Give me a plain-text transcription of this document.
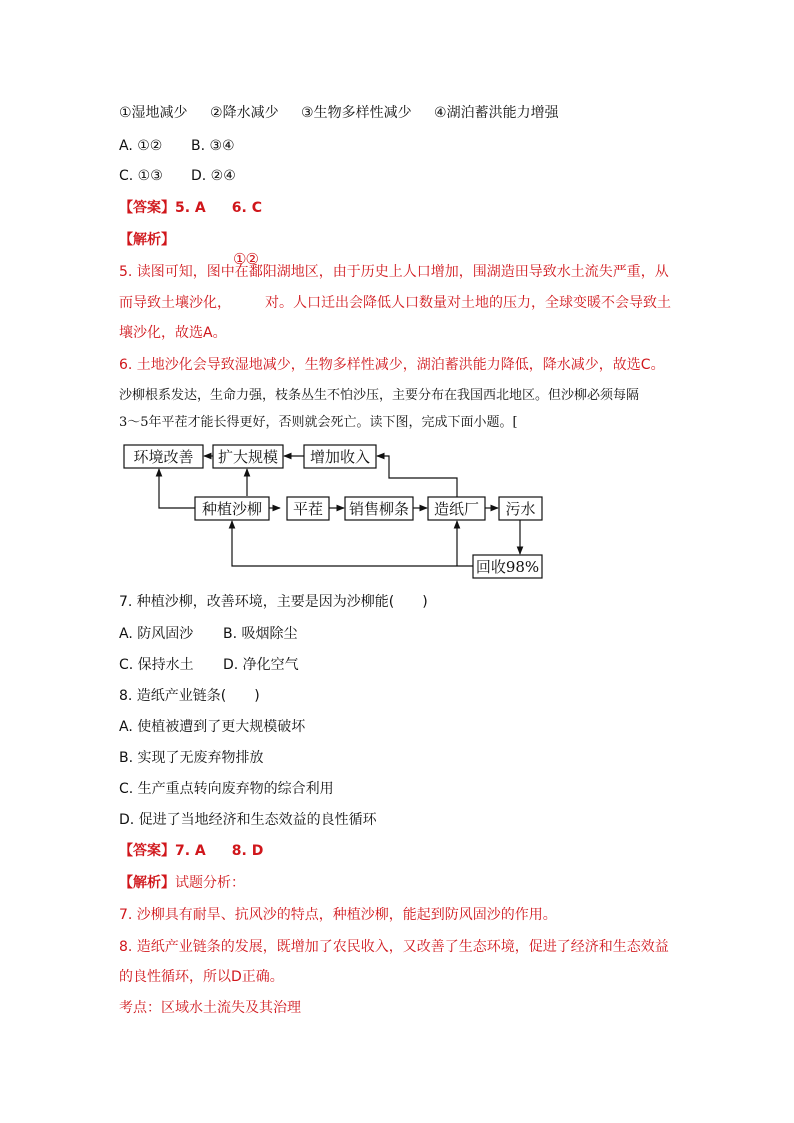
①湿地减少 ②降水减少 ③生物多样性减少 ④湖泊蓄洪能力增强
A. ①② B. ③④
C. ①③ D. ②④
【答案】5. A 6. C
【解析】
①②
5. 读图可知，图中在鄱阳湖地区，由于历史上人口增加，围湖造田导致水土流失严重，从
而导致土壤沙化， 对。人口迁出会降低人口数量对土地的压力，全球变暖不会导致土
壤沙化，故选A。
6. 土地沙化会导致湿地减少，生物多样性减少，湖泊蓄洪能力降低，降水减少，故选C。
沙柳根系发达，生命力强，枝条丛生不怕沙压，主要分布在我国西北地区。但沙柳必须每隔
3～5年平茬才能长得更好，否则就会死亡。读下图，完成下面小题。[
环境改善 扩大规模 增加收入
种植沙柳 平茬 销售柳条 造纸厂 污水
回收98%
7. 种植沙柳，改善环境，主要是因为沙柳能(　　)
A. 防风固沙 B. 吸烟除尘
C. 保持水土 D. 净化空气
8. 造纸产业链条(　　)
A. 使植被遭到了更大规模破坏
B. 实现了无废弃物排放
C. 生产重点转向废弃物的综合利用
D. 促进了当地经济和生态效益的良性循环
【答案】7. A 8. D
【解析】试题分析：
7. 沙柳具有耐旱、抗风沙的特点，种植沙柳，能起到防风固沙的作用。
8. 造纸产业链条的发展，既增加了农民收入，又改善了生态环境，促进了经济和生态效益
的良性循环，所以D正确。
考点：区域水土流失及其治理
